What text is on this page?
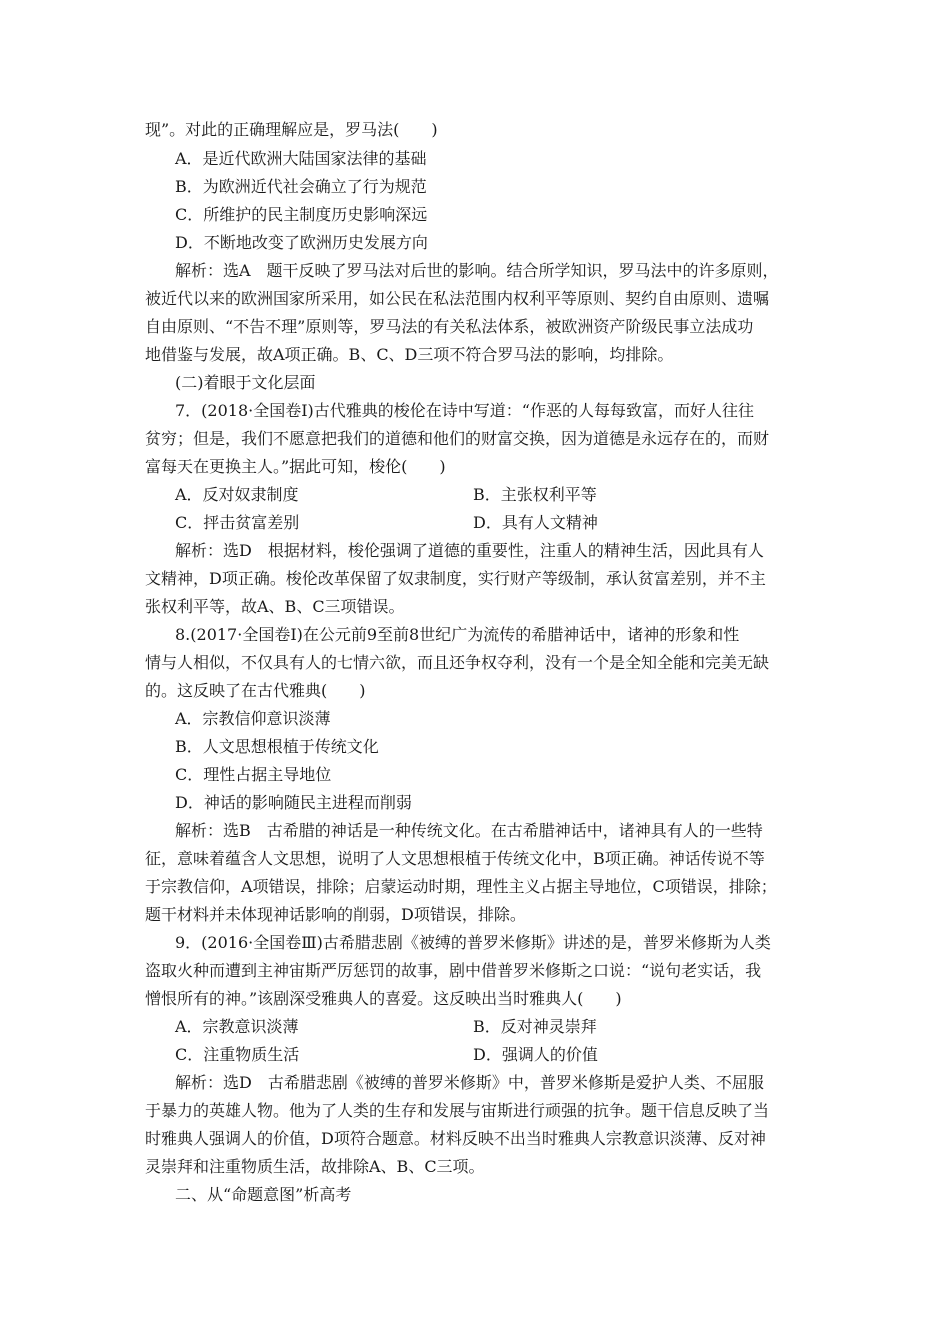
现”。对此的正确理解应是，罗马法(　　)
A．是近代欧洲大陆国家法律的基础
B．为欧洲近代社会确立了行为规范
C．所维护的民主制度历史影响深远
D．不断地改变了欧洲历史发展方向
解析：选A　题干反映了罗马法对后世的影响。结合所学知识，罗马法中的许多原则，
被近代以来的欧洲国家所采用，如公民在私法范围内权利平等原则、契约自由原则、遗嘱
自由原则、“不告不理”原则等，罗马法的有关私法体系，被欧洲资产阶级民事立法成功
地借鉴与发展，故A项正确。B、C、D三项不符合罗马法的影响，均排除。
(二)着眼于文化层面
7．(2018·全国卷Ⅰ)古代雅典的梭伦在诗中写道：“作恶的人每每致富，而好人往往
贫穷；但是，我们不愿意把我们的道德和他们的财富交换，因为道德是永远存在的，而财
富每天在更换主人。”据此可知，梭伦(　　)
A．反对奴隶制度	B．主张权利平等
C．抨击贫富差别	D．具有人文精神
解析：选D　根据材料，梭伦强调了道德的重要性，注重人的精神生活，因此具有人
文精神，D项正确。梭伦改革保留了奴隶制度，实行财产等级制，承认贫富差别，并不主
张权利平等，故A、B、C三项错误。
8.(2017·全国卷Ⅰ)在公元前9至前8世纪广为流传的希腊神话中，诸神的形象和性
情与人相似，不仅具有人的七情六欲，而且还争权夺利，没有一个是全知全能和完美无缺
的。这反映了在古代雅典(　　)
A．宗教信仰意识淡薄
B．人文思想根植于传统文化
C．理性占据主导地位
D．神话的影响随民主进程而削弱
解析：选B　古希腊的神话是一种传统文化。在古希腊神话中，诸神具有人的一些特
征，意味着蕴含人文思想，说明了人文思想根植于传统文化中，B项正确。神话传说不等
于宗教信仰，A项错误，排除；启蒙运动时期，理性主义占据主导地位，C项错误，排除；
题干材料并未体现神话影响的削弱，D项错误，排除。
9．(2016·全国卷Ⅲ)古希腊悲剧《被缚的普罗米修斯》讲述的是，普罗米修斯为人类
盗取火种而遭到主神宙斯严厉惩罚的故事，剧中借普罗米修斯之口说：“说句老实话，我
憎恨所有的神。”该剧深受雅典人的喜爱。这反映出当时雅典人(　　)
A．宗教意识淡薄	B．反对神灵崇拜
C．注重物质生活	D．强调人的价值
解析：选D　古希腊悲剧《被缚的普罗米修斯》中，普罗米修斯是爱护人类、不屈服
于暴力的英雄人物。他为了人类的生存和发展与宙斯进行顽强的抗争。题干信息反映了当
时雅典人强调人的价值，D项符合题意。材料反映不出当时雅典人宗教意识淡薄、反对神
灵崇拜和注重物质生活，故排除A、B、C三项。
二、从“命题意图”析高考
